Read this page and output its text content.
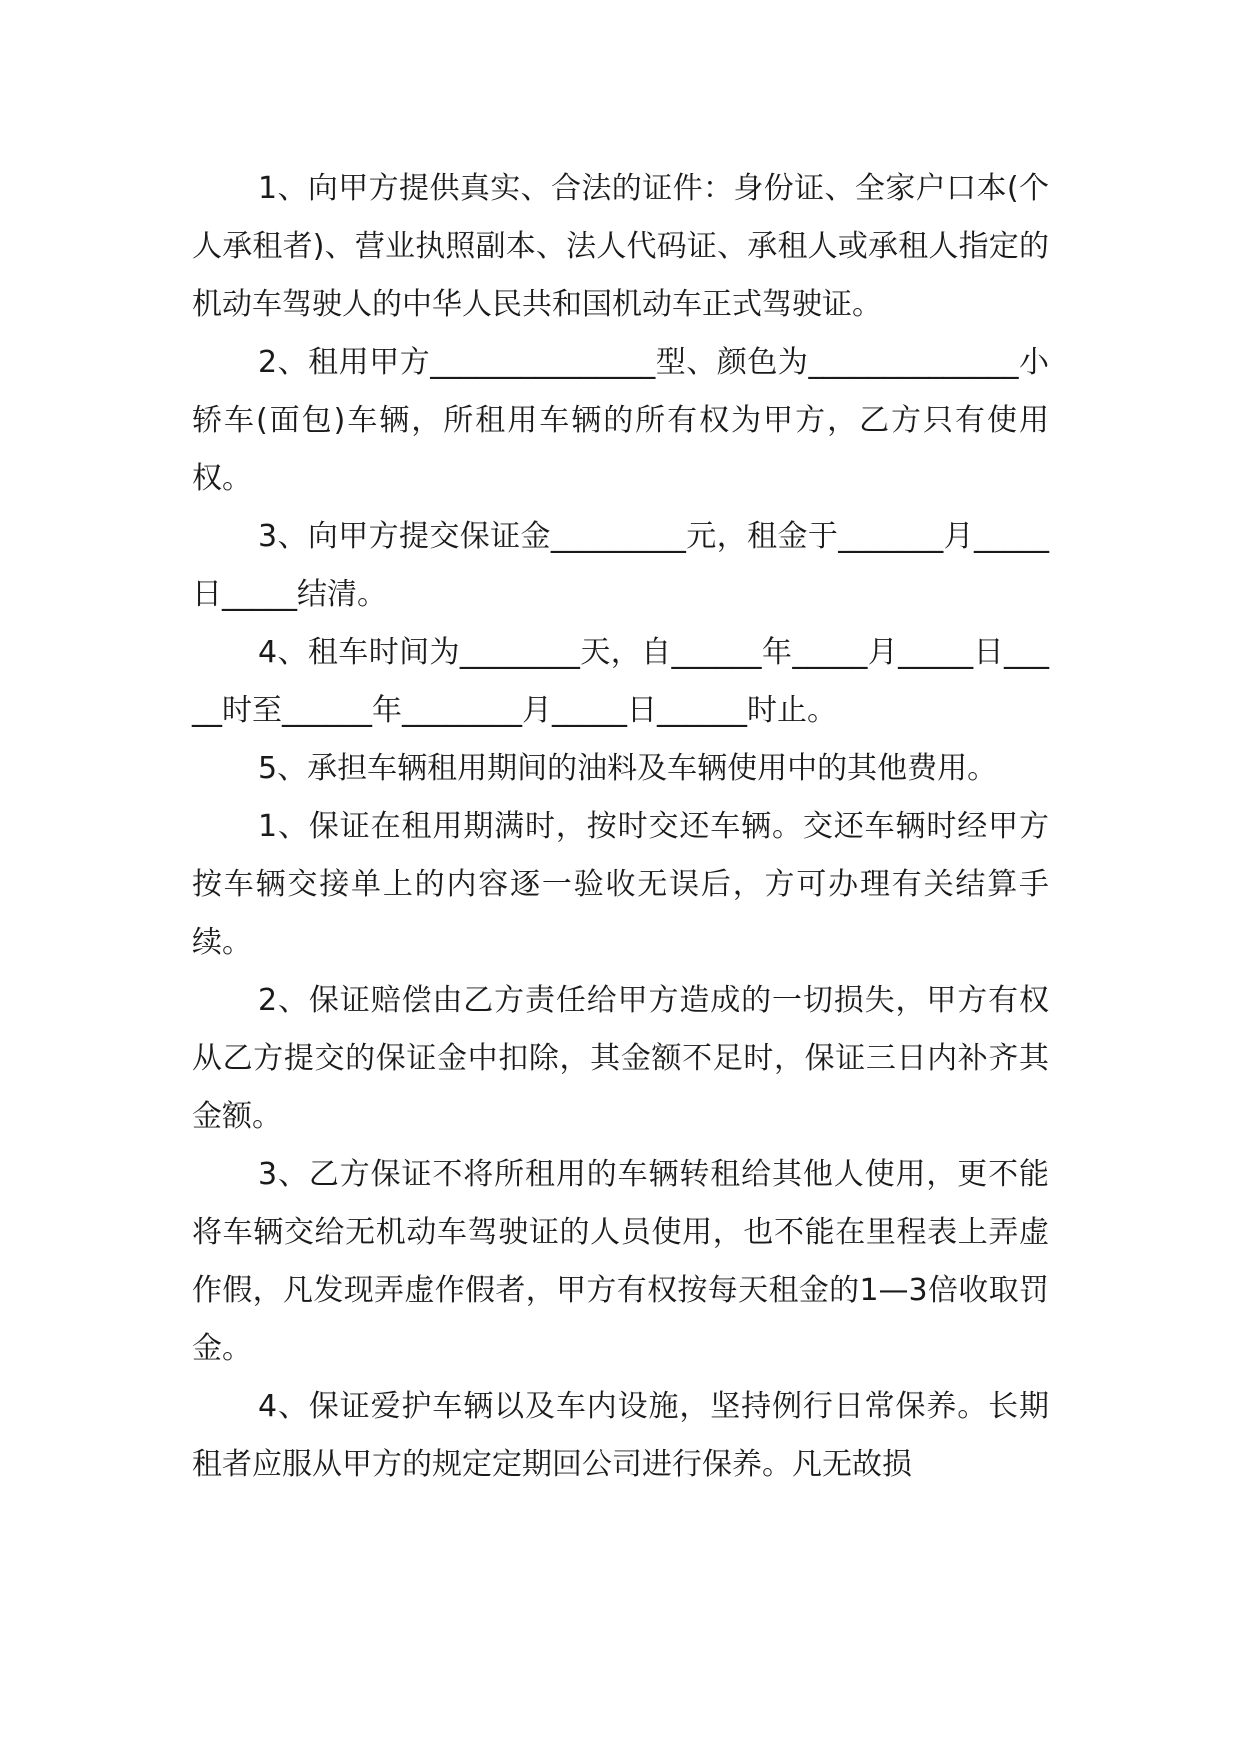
1、向甲方提供真实、合法的证件：身份证、全家户口本(个人承租者)、营业执照副本、法人代码证、承租人或承租人指定的机动车驾驶人的中华人民共和国机动车正式驾驶证。

2、租用甲方_______________型、颜色为______________小轿车(面包)车辆，所租用车辆的所有权为甲方，乙方只有使用权。

3、向甲方提交保证金_________元，租金于_______月_____日_____结清。

4、租车时间为________天，自______年_____月_____日_____时至______年________月_____日______时止。

5、承担车辆租用期间的油料及车辆使用中的其他费用。

1、保证在租用期满时，按时交还车辆。交还车辆时经甲方按车辆交接单上的内容逐一验收无误后，方可办理有关结算手续。

2、保证赔偿由乙方责任给甲方造成的一切损失，甲方有权从乙方提交的保证金中扣除，其金额不足时，保证三日内补齐其金额。

3、乙方保证不将所租用的车辆转租给其他人使用，更不能将车辆交给无机动车驾驶证的人员使用，也不能在里程表上弄虚作假，凡发现弄虚作假者，甲方有权按每天租金的1—3倍收取罚金。

4、保证爱护车辆以及车内设施，坚持例行日常保养。长期租者应服从甲方的规定定期回公司进行保养。凡无故损
